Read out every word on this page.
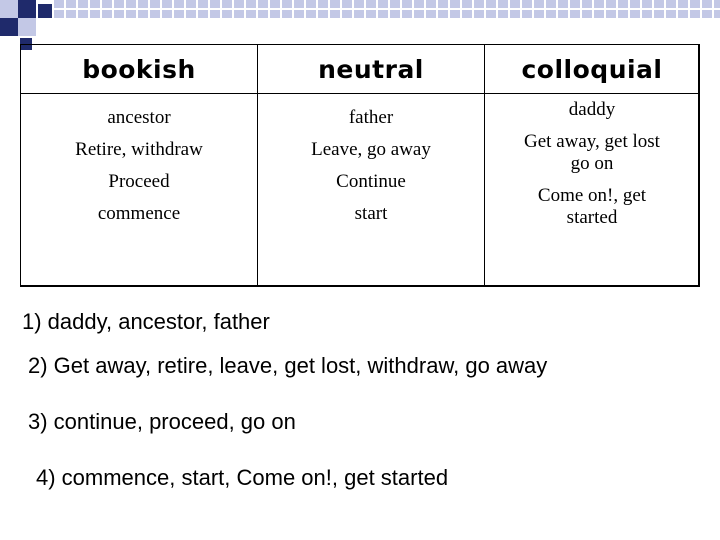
bookish
ancestor
Retire, withdraw
Proceed
commence
neutral
father
Leave, go away
Continue
start
colloquial
daddy
Get away, get lost
go on
Come on!, get
started
1) daddy, ancestor, father
2) Get away, retire, leave, get lost, withdraw, go away
3) continue, proceed, go on
4) commence, start, Come on!, get started
